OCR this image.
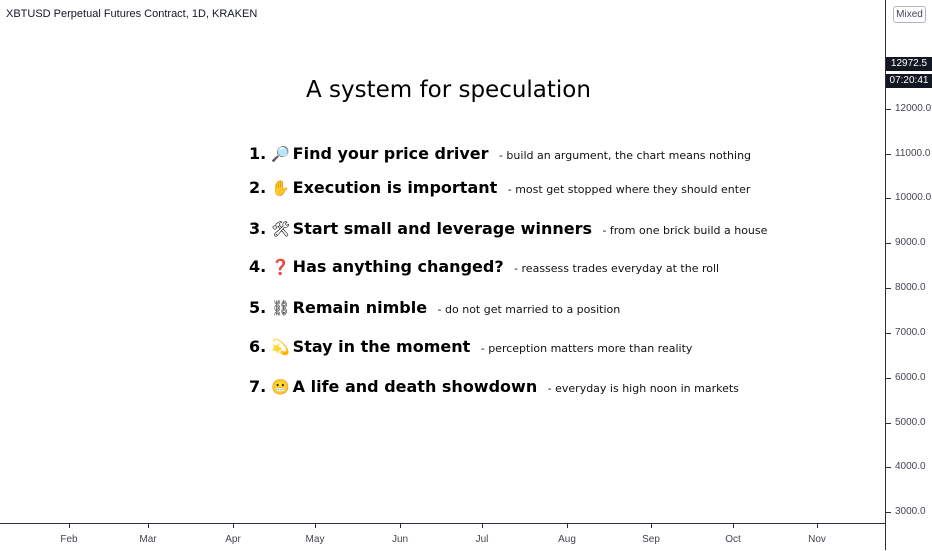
XBTUSD Perpetual Futures Contract, 1D, KRAKEN
A system for speculation
1. 🔎 Find your price driver - build an argument, the chart means nothing
2. ✋ Execution is important - most get stopped where they should enter
3. 🛠 Start small and leverage winners - from one brick build a house
4. ❓ Has anything changed? - reassess trades everyday at the roll
5. ⛓ Remain nimble - do not get married to a position
6. 💫 Stay in the moment - perception matters more than reality
7. 😬 A life and death showdown - everyday is high noon in markets
12000.0
11000.0
10000.0
9000.0
8000.0
7000.0
6000.0
5000.0
4000.0
3000.0
Mixed
12972.5
07:20:41
Feb	Mar	Apr	May	Jun	Jul	Aug	Sep	Oct	Nov
